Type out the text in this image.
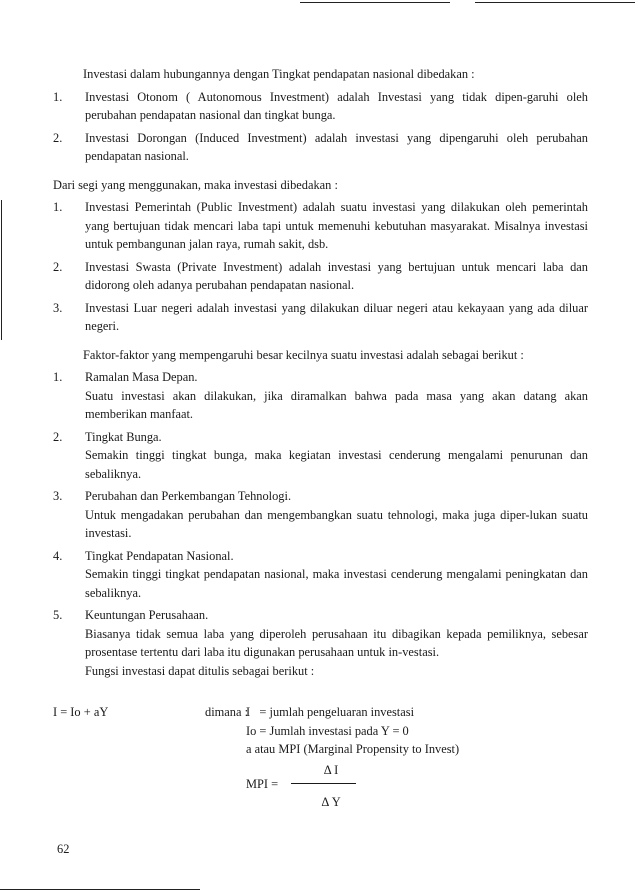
Investasi dalam hubungannya dengan Tingkat pendapatan nasional dibedakan :

1. Investasi Otonom ( Autonomous Investment) adalah Investasi yang tidak dipen-garuhi oleh perubahan pendapatan nasional dan tingkat bunga.
2. Investasi Dorongan (Induced Investment) adalah investasi yang dipengaruhi oleh perubahan pendapatan nasional.

Dari segi yang menggunakan, maka investasi dibedakan :

1. Investasi Pemerintah (Public Investment) adalah suatu investasi yang dilakukan oleh pemerintah yang bertujuan tidak mencari laba tapi untuk memenuhi kebutuhan masyarakat. Misalnya investasi untuk pembangunan jalan raya, rumah sakit, dsb.
2. Investasi Swasta (Private Investment) adalah investasi yang bertujuan untuk mencari laba dan didorong oleh adanya perubahan pendapatan nasional.
3. Investasi Luar negeri adalah investasi yang dilakukan diluar negeri atau kekayaan yang ada diluar negeri.

Faktor-faktor yang mempengaruhi besar kecilnya suatu investasi adalah sebagai berikut :

1. Ramalan Masa Depan.
Suatu investasi akan dilakukan, jika diramalkan bahwa pada masa yang akan datang akan memberikan manfaat.
2. Tingkat Bunga.
Semakin tinggi tingkat bunga, maka kegiatan investasi cenderung mengalami penurunan dan sebaliknya.
3. Perubahan dan Perkembangan Tehnologi.
Untuk mengadakan perubahan dan mengembangkan suatu tehnologi, maka juga diper-lukan suatu investasi.
4. Tingkat Pendapatan Nasional.
Semakin tinggi tingkat pendapatan nasional, maka investasi cenderung mengalami peningkatan dan sebaliknya.
5. Keuntungan Perusahaan.
Biasanya tidak semua laba yang diperoleh perusahaan itu dibagikan kepada pemiliknya, sebesar prosentase tertentu dari laba itu digunakan perusahaan untuk in-vestasi.
Fungsi investasi dapat ditulis sebagai berikut :
I = Io + aY	dimana :
I   = jumlah pengeluaran investasi
Io = Jumlah investasi pada Y = 0
a atau MPI (Marginal Propensity to Invest)
MPI =
Δ I
Δ Y
62
